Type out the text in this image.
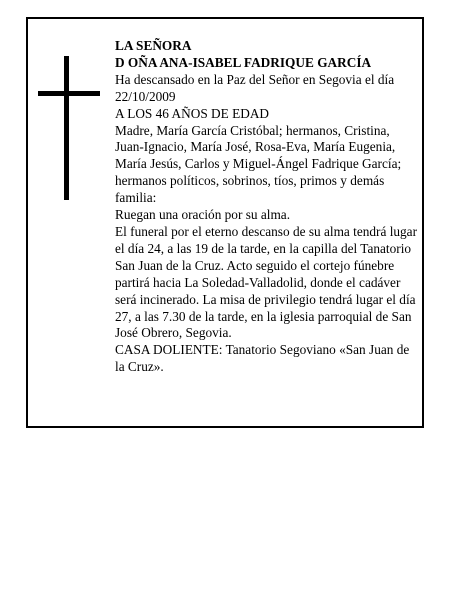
LA SEÑORA

D OÑA ANA-ISABEL FADRIQUE GARCÍA

Ha descansado en la Paz del Señor en Segovia el día 22/10/2009

A LOS 46 AÑOS DE EDAD

Madre, María García Cristóbal; hermanos, Cristina, Juan-Ignacio, María José, Rosa-Eva, María Eugenia, María Jesús, Carlos y Miguel-Ángel Fadrique García; hermanos políticos, sobrinos, tíos, primos y demás familia:

Ruegan una oración por su alma.

El funeral por el eterno descanso de su alma tendrá lugar el día 24, a las 19 de la tarde, en la capilla del Tanatorio San Juan de la Cruz. Acto seguido el cortejo fúnebre partirá hacia La Soledad-Valladolid, donde el cadáver será incinerado. La misa de privilegio tendrá lugar el día 27, a las 7.30 de la tarde, en la iglesia parroquial de San José Obrero, Segovia.

CASA DOLIENTE: Tanatorio Segoviano «San Juan de la Cruz».
